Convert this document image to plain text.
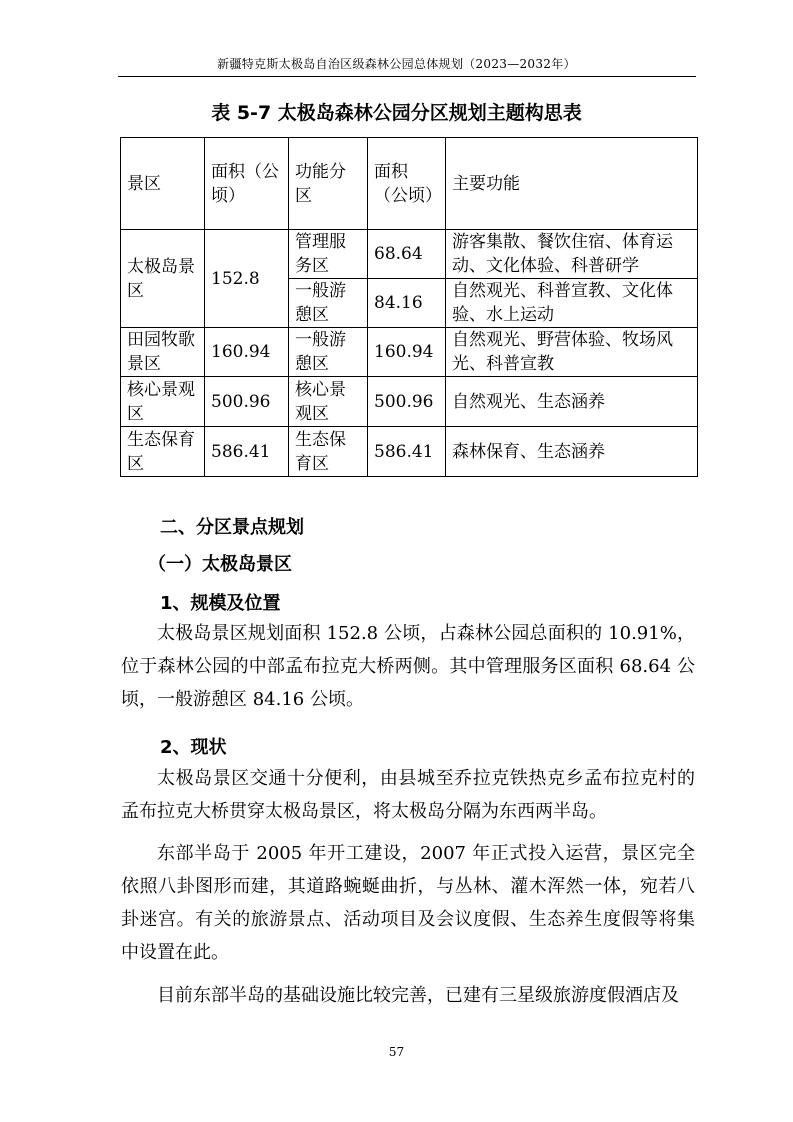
新疆特克斯太极岛自治区级森林公园总体规划（2023—2032年）
表 5-7 太极岛森林公园分区规划主题构思表
景区	面积（公顷）	功能分区	面积（公顷）	主要功能
太极岛景区	152.8	管理服务区	68.64	游客集散、餐饮住宿、体育运动、文化体验、科普研学
		一般游憩区	84.16	自然观光、科普宣教、文化体验、水上运动
田园牧歌景区	160.94	一般游憩区	160.94	自然观光、野营体验、牧场风光、科普宣教
核心景观区	500.96	核心景观区	500.96	自然观光、生态涵养
生态保育区	586.41	生态保育区	586.41	森林保育、生态涵养
二、分区景点规划
（一）太极岛景区
1、规模及位置
太极岛景区规划面积 152.8 公顷，占森林公园总面积的 10.91%，位于森林公园的中部孟布拉克大桥两侧。其中管理服务区面积 68.64 公顷，一般游憩区 84.16 公顷。
2、现状
太极岛景区交通十分便利，由县城至乔拉克铁热克乡孟布拉克村的孟布拉克大桥贯穿太极岛景区，将太极岛分隔为东西两半岛。
东部半岛于 2005 年开工建设，2007 年正式投入运营，景区完全依照八卦图形而建，其道路蜿蜒曲折，与丛林、灌木浑然一体，宛若八卦迷宫。有关的旅游景点、活动项目及会议度假、生态养生度假等将集中设置在此。
目前东部半岛的基础设施比较完善，已建有三星级旅游度假酒店及
57
